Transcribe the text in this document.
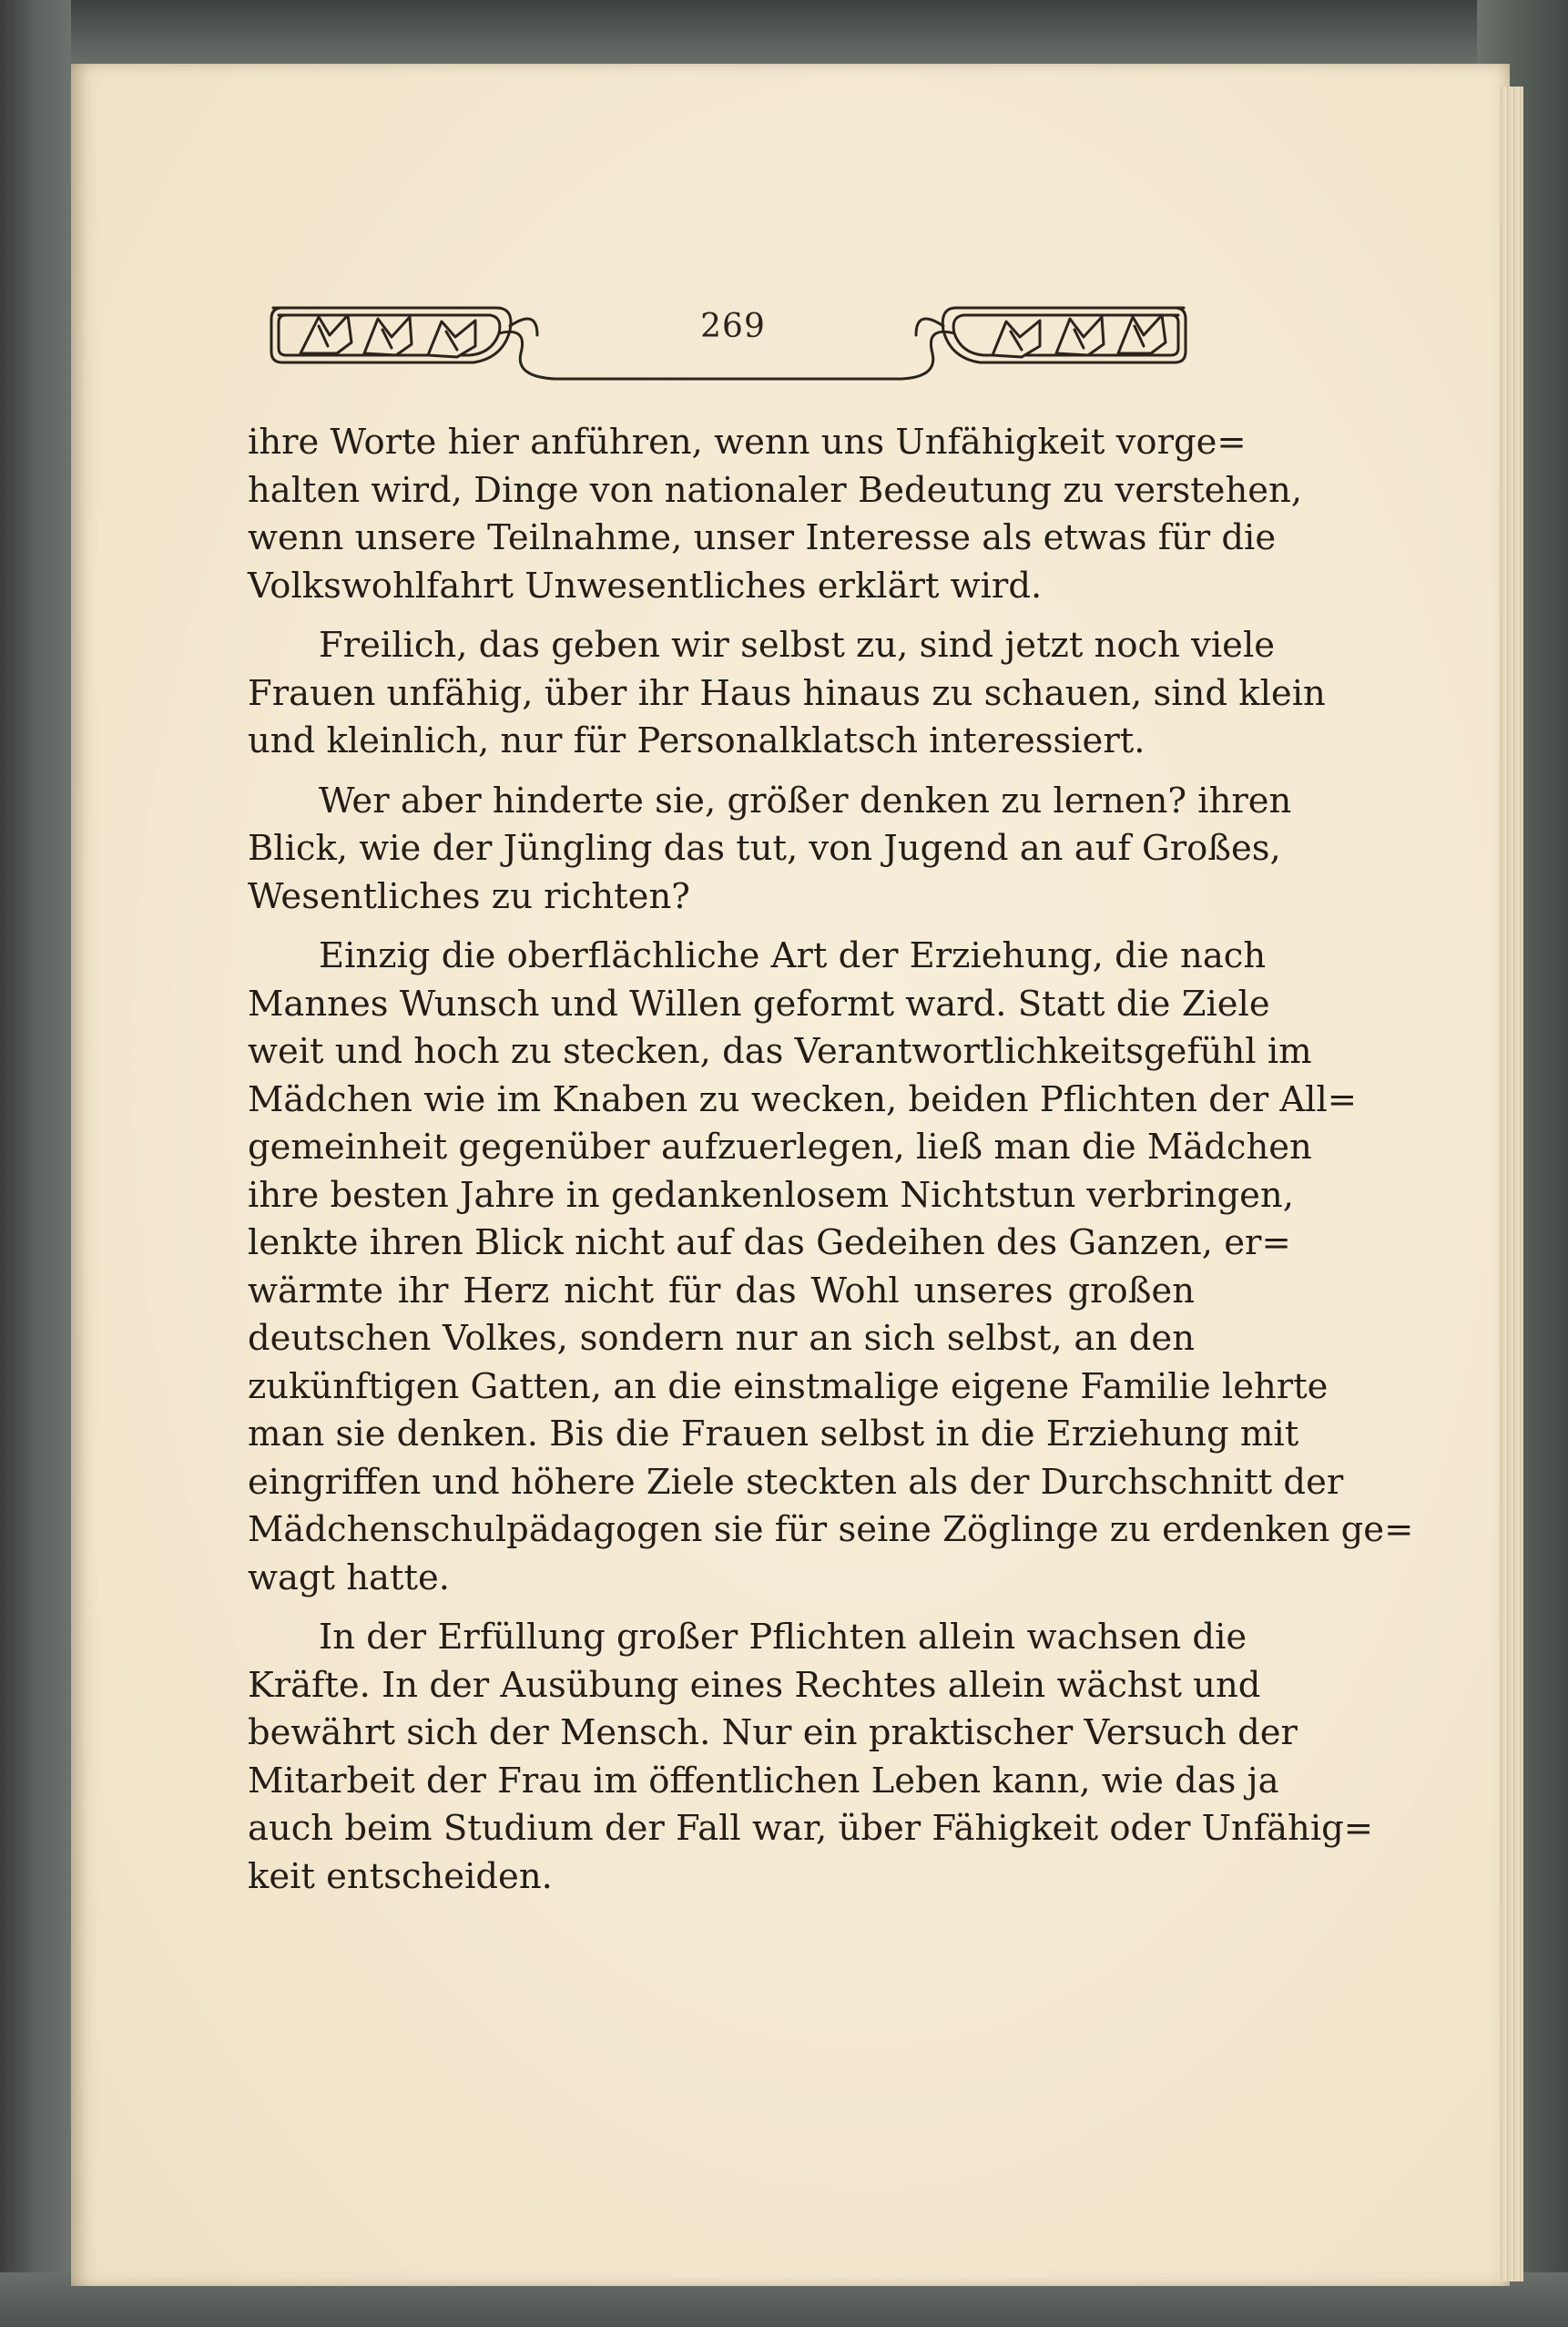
269
ihre Worte hier anführen, wenn uns Unfähigkeit vorge=
halten wird, Dinge von nationaler Bedeutung zu verstehen,
wenn unsere Teilnahme, unser Interesse als etwas für die
Volkswohlfahrt Unwesentliches erklärt wird.
Freilich, das geben wir selbst zu, sind jetzt noch viele
Frauen unfähig, über ihr Haus hinaus zu schauen, sind klein
und kleinlich, nur für Personalklatsch interessiert.
Wer aber hinderte sie, größer denken zu lernen? ihren
Blick, wie der Jüngling das tut, von Jugend an auf Großes,
Wesentliches zu richten?
Einzig die oberflächliche Art der Erziehung, die nach
Mannes Wunsch und Willen geformt ward. Statt die Ziele
weit und hoch zu stecken, das Verantwortlichkeitsgefühl im
Mädchen wie im Knaben zu wecken, beiden Pflichten der All=
gemeinheit gegenüber aufzuerlegen, ließ man die Mädchen
ihre besten Jahre in gedankenlosem Nichtstun verbringen,
lenkte ihren Blick nicht auf das Gedeihen des Ganzen, er=
wärmte ihr Herz nicht für das Wohl unseres großen
deutschen Volkes, sondern nur an sich selbst, an den
zukünftigen Gatten, an die einstmalige eigene Familie lehrte
man sie denken. Bis die Frauen selbst in die Erziehung mit
eingriffen und höhere Ziele steckten als der Durchschnitt der
Mädchenschulpädagogen sie für seine Zöglinge zu erdenken ge=
wagt hatte.
In der Erfüllung großer Pflichten allein wachsen die
Kräfte. In der Ausübung eines Rechtes allein wächst und
bewährt sich der Mensch. Nur ein praktischer Versuch der
Mitarbeit der Frau im öffentlichen Leben kann, wie das ja
auch beim Studium der Fall war, über Fähigkeit oder Unfähig=
keit entscheiden.
